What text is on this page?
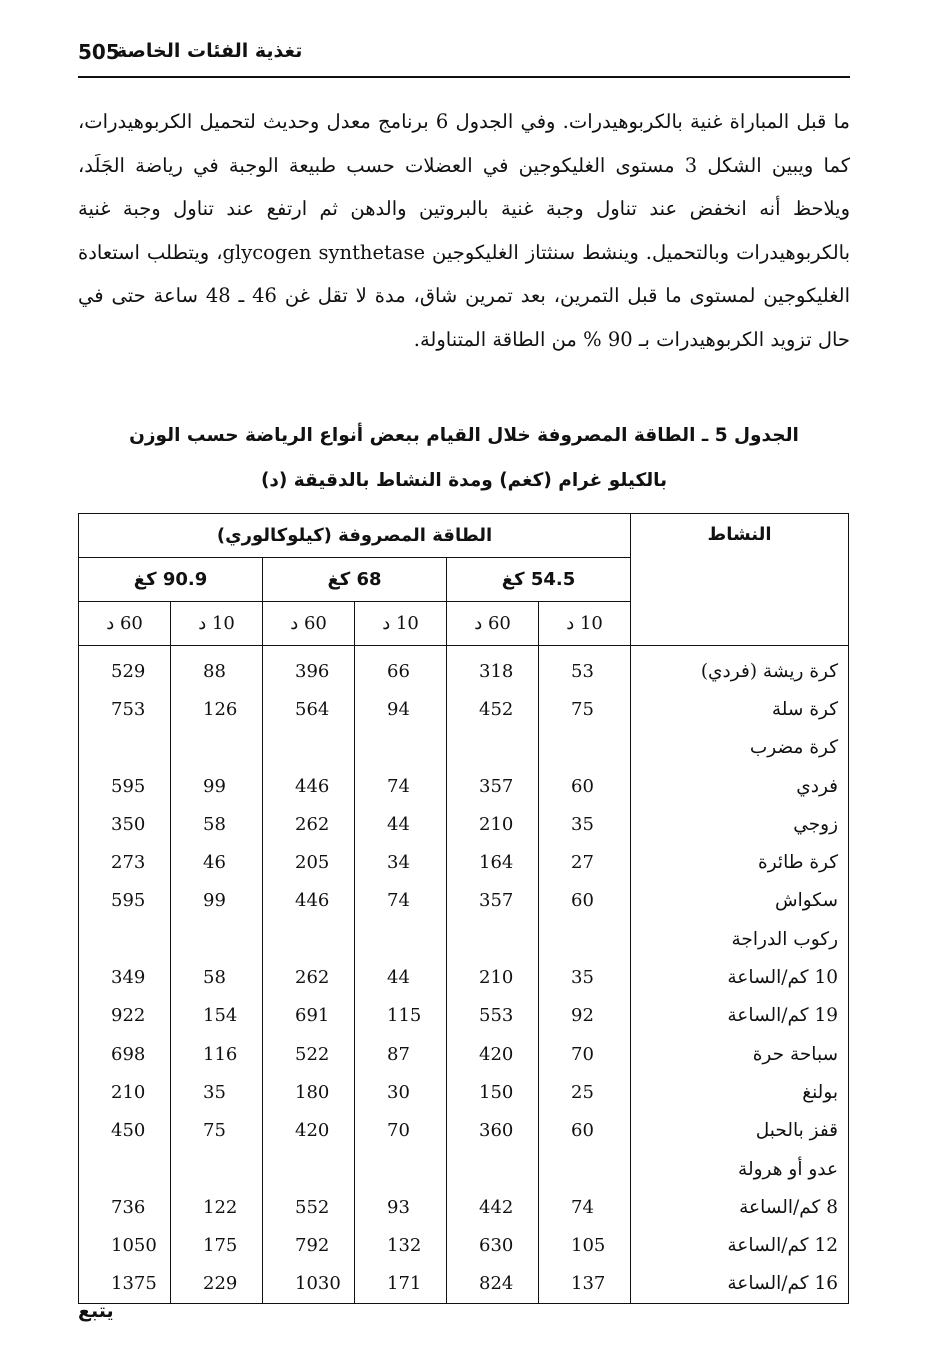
505
تغذية الفئات الخاصة
ما قبل المباراة غنية بالكربوهيدرات. وفي الجدول 6 برنامج معدل وحديث لتحميل الكربوهيدرات، كما ويبين الشكل 3 مستوى الغليكوجين في العضلات حسب طبيعة الوجبة في رياضة الجَلَد، ويلاحظ أنه انخفض عند تناول وجبة غنية بالبروتين والدهن ثم ارتفع عند تناول وجبة غنية بالكربوهيدرات وبالتحميل. وينشط سنثتاز الغليكوجين glycogen synthetase، ويتطلب استعادة الغليكوجين لمستوى ما قبل التمرين، بعد تمرين شاق، مدة لا تقل غن 46 ـ 48 ساعة حتى في حال تزويد الكربوهيدرات بـ 90 % من الطاقة المتناولة.
الجدول 5 ـ الطاقة المصروفة خلال القيام ببعض أنواع الرياضة حسب الوزن
بالكيلو غرام (كغم) ومدة النشاط بالدقيقة (د)
النشاط	الطاقة المصروفة (كيلوكالوري)					
	54.5 كغ		68 كغ		90.9 كغ	
	10 د	60 د	10 د	60 د	10 د	60 د

كرة ريشة (فردي)	53	318	66	396	88	529
كرة سلة	75	452	94	564	126	753
كرة مضرب						
فردي	60	357	74	446	99	595
زوجي	35	210	44	262	58	350
كرة طائرة	27	164	34	205	46	273
سكواش	60	357	74	446	99	595
ركوب الدراجة						
10 كم/الساعة	35	210	44	262	58	349
19 كم/الساعة	92	553	115	691	154	922
سباحة حرة	70	420	87	522	116	698
بولنغ	25	150	30	180	35	210
قفز بالحبل	60	360	70	420	75	450
عدو أو هرولة						
8 كم/الساعة	74	442	93	552	122	736
12 كم/الساعة	105	630	132	792	175	1050
16 كم/الساعة	137	824	171	1030	229	1375
يتبع
